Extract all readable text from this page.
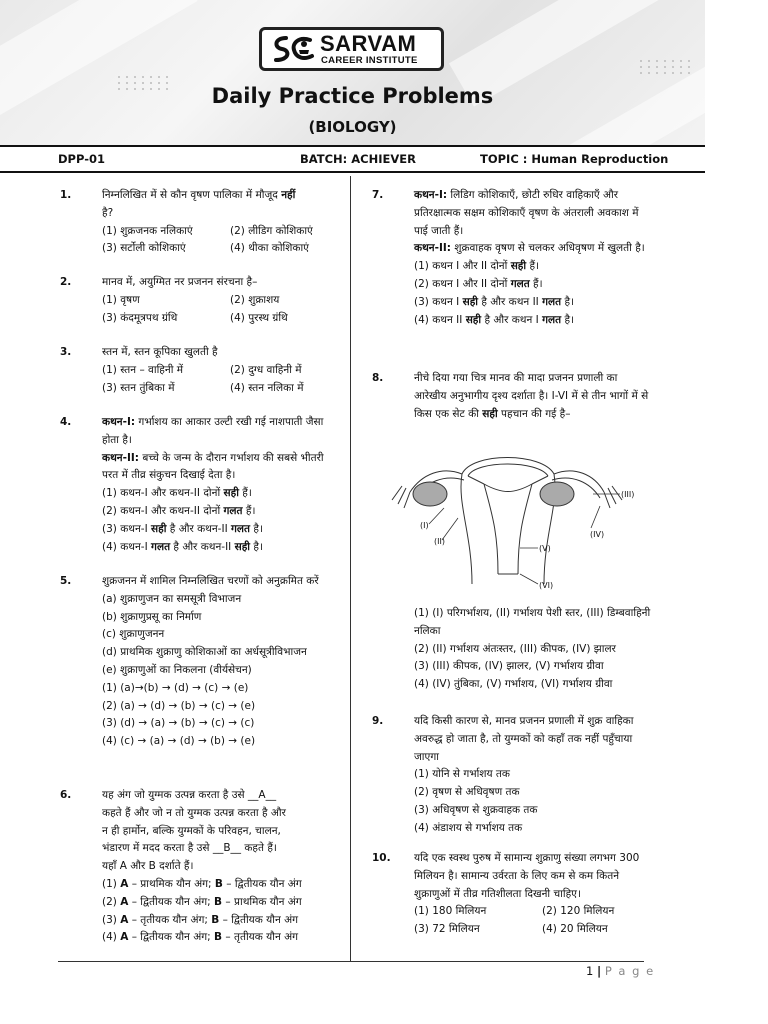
SARVAM
CAREER INSTITUTE
Daily Practice Problems
(BIOLOGY)
DPP-01	BATCH: ACHIEVER	TOPIC : Human Reproduction
1.	निम्नलिखित में से कौन वृषण पालिका में मौजूद नहीं
है?

(1) शुक्रजनक नलिकाएं	(2) लीडिग कोशिकाएं
(3) सर्टोली कोशिकाएं	(4) थीका कोशिकाएं
2.	मानव में, अयुग्मित नर प्रजनन संरचना है–

(1) वृषण	(2) शुक्राशय
(3) कंदमूत्रपथ ग्रंथि	(4) पुरस्थ ग्रंथि
3.	स्तन में, स्तन कूपिका खुलती है

(1) स्तन – वाहिनी में	(2) दुग्ध वाहिनी में
(3) स्तन तुंबिका में	(4) स्तन नलिका में
4.	कथन-I: गर्भाशय का आकार उल्टी रखी गई नाशपाती जैसा होता है।

कथन-II: बच्चे के जन्म के दौरान गर्भाशय की सबसे भीतरी परत में तीव्र संकुचन दिखाई देता है।

(1) कथन-I और कथन-II दोनों सही हैं।

(2) कथन-I और कथन-II दोनों गलत हैं।

(3) कथन-I सही है और कथन-II गलत है।

(4) कथन-I गलत है और कथन-II सही है।

5.	शुक्रजनन में शामिल निम्नलिखित चरणों को अनुक्रमित करें

(a) शुक्राणुजन का समसूत्री विभाजन

(b) शुक्राणुप्रसू का निर्माण

(c) शुक्राणुजनन

(d) प्राथमिक शुक्राणु कोशिकाओं का अर्धसूत्रीविभाजन

(e) शुक्राणुओं का निकलना (वीर्यसेचन)

(1) (a)→(b) → (d) → (c) → (e)

(2) (a) → (d) → (b) → (c) → (e)

(3) (d) → (a) → (b) → (c) → (c)

(4) (c) → (a) → (d) → (b) → (e)

6.	यह अंग जो युग्मक उत्पन्न करता है उसे __A__

कहते हैं और जो न तो युग्मक उत्पन्न करता है और

न ही हार्मोन, बल्कि युग्मकों के परिवहन, चालन,

भंडारण में मदद करता है उसे __B__ कहते हैं।

यहाँ A और B दर्शाते हैं।

(1) A – प्राथमिक यौन अंग; B – द्वितीयक यौन अंग

(2) A – द्वितीयक यौन अंग; B – प्राथमिक यौन अंग

(3) A – तृतीयक यौन अंग; B – द्वितीयक यौन अंग

(4) A – द्वितीयक यौन अंग; B – तृतीयक यौन अंग

7.	कथन-I: लिडिग कोशिकाएँ, छोटी रुधिर वाहिकाएँ और प्रतिरक्षात्मक सक्षम कोशिकाएँ वृषण के अंतराली अवकाश में पाई जाती हैं।

कथन-II: शुक्रवाहक वृषण से चलकर अधिवृषण में खुलती है।

(1) कथन I और II दोनों सही हैं।

(2) कथन I और II दोनों गलत हैं।

(3) कथन I सही है और कथन II गलत है।

(4) कथन II सही है और कथन I गलत है।

8.	नीचे दिया गया चित्र मानव की मादा प्रजनन प्रणाली का आरेखीय अनुभागीय दृश्य दर्शाता है। I-VI में से तीन भागों में से किस एक सेट की सही पहचान की गई है–

(I)
(II)
(III)
(IV)
(V)
(VI)

(1) (I) परिगर्भाशय, (II) गर्भाशय पेशी स्तर, (III) डिम्बवाहिनी नलिका

(2) (II) गर्भाशय अंतःस्तर, (III) कीपक, (IV) झालर

(3) (III) कीपक, (IV) झालर, (V) गर्भाशय ग्रीवा

(4) (IV) तुंबिका, (V) गर्भाशय, (VI) गर्भाशय ग्रीवा

9.	यदि किसी कारण से, मानव प्रजनन प्रणाली में शुक्र वाहिका अवरुद्ध हो जाता है, तो युग्मकों को कहाँ तक नहीं पहुँचाया जाएगा

(1) योनि से गर्भाशय तक

(2) वृषण से अधिवृषण तक

(3) अधिवृषण से शुक्रवाहक तक

(4) अंडाशय से गर्भाशय तक

10. यदि एक स्वस्थ पुरुष में सामान्य शुक्राणु संख्या लगभग 300 मिलियन है। सामान्य उर्वरता के लिए कम से कम कितने शुक्राणुओं में तीव्र गतिशीलता दिखनी चाहिए।

(1) 180 मिलियन	(2) 120 मिलियन
(3) 72 मिलियन	(4) 20 मिलियन
1 | P a g e
